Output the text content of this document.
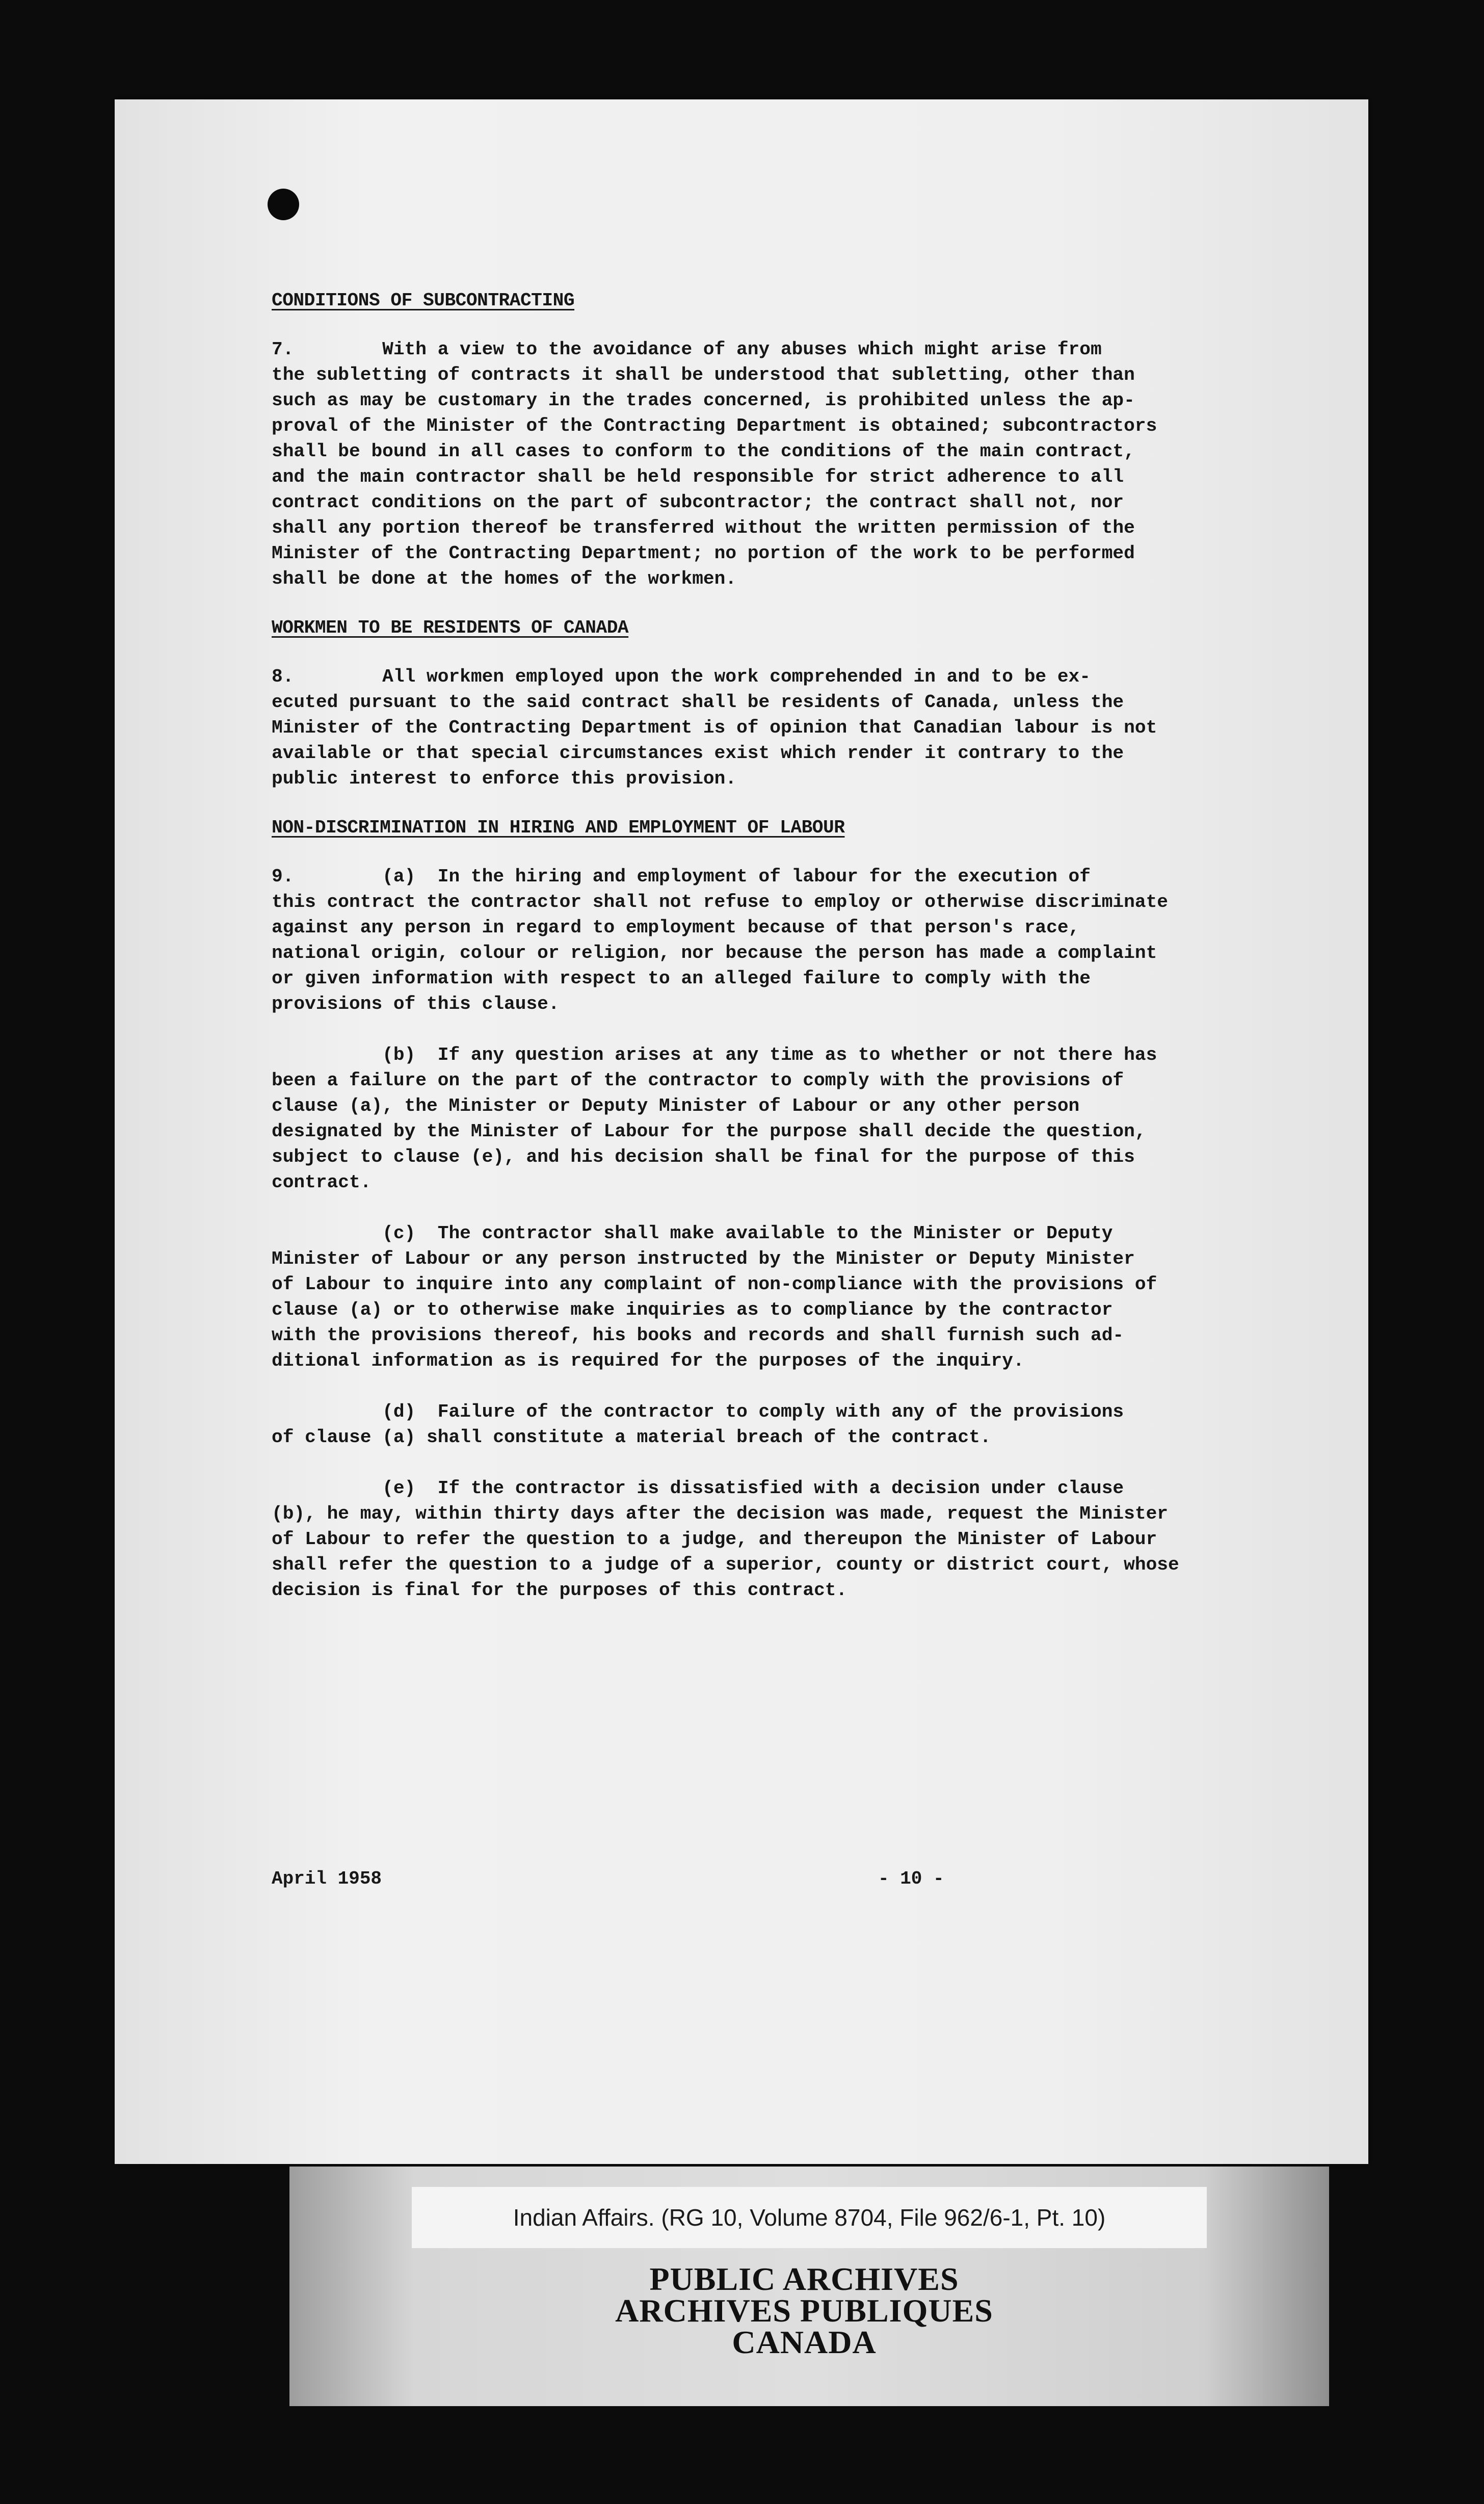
CONDITIONS OF SUBCONTRACTING

7.        With a view to the avoidance of any abuses which might arise from
the subletting of contracts it shall be understood that subletting, other than
such as may be customary in the trades concerned, is prohibited unless the ap-
proval of the Minister of the Contracting Department is obtained; subcontractors
shall be bound in all cases to conform to the conditions of the main contract,
and the main contractor shall be held responsible for strict adherence to all
contract conditions on the part of subcontractor; the contract shall not, nor
shall any portion thereof be transferred without the written permission of the
Minister of the Contracting Department; no portion of the work to be performed
shall be done at the homes of the workmen.

WORKMEN TO BE RESIDENTS OF CANADA

8.        All workmen employed upon the work comprehended in and to be ex-
ecuted pursuant to the said contract shall be residents of Canada, unless the
Minister of the Contracting Department is of opinion that Canadian labour is not
available or that special circumstances exist which render it contrary to the
public interest to enforce this provision.

NON-DISCRIMINATION IN HIRING AND EMPLOYMENT OF LABOUR

9.        (a)  In the hiring and employment of labour for the execution of
this contract the contractor shall not refuse to employ or otherwise discriminate
against any person in regard to employment because of that person's race,
national origin, colour or religion, nor because the person has made a complaint
or given information with respect to an alleged failure to comply with the
provisions of this clause.

(b)  If any question arises at any time as to whether or not there has
been a failure on the part of the contractor to comply with the provisions of
clause (a), the Minister or Deputy Minister of Labour or any other person
designated by the Minister of Labour for the purpose shall decide the question,
subject to clause (e), and his decision shall be final for the purpose of this
contract.

(c)  The contractor shall make available to the Minister or Deputy
Minister of Labour or any person instructed by the Minister or Deputy Minister
of Labour to inquire into any complaint of non-compliance with the provisions of
clause (a) or to otherwise make inquiries as to compliance by the contractor
with the provisions thereof, his books and records and shall furnish such ad-
ditional information as is required for the purposes of the inquiry.

(d)  Failure of the contractor to comply with any of the provisions
of clause (a) shall constitute a material breach of the contract.

(e)  If the contractor is dissatisfied with a decision under clause
(b), he may, within thirty days after the decision was made, request the Minister
of Labour to refer the question to a judge, and thereupon the Minister of Labour
shall refer the question to a judge of a superior, county or district court, whose
decision is final for the purposes of this contract.

April 1958	- 10 -
Indian Affairs. (RG 10, Volume 8704, File 962/6-1, Pt. 10)
PUBLIC ARCHIVES
ARCHIVES PUBLIQUES
CANADA
